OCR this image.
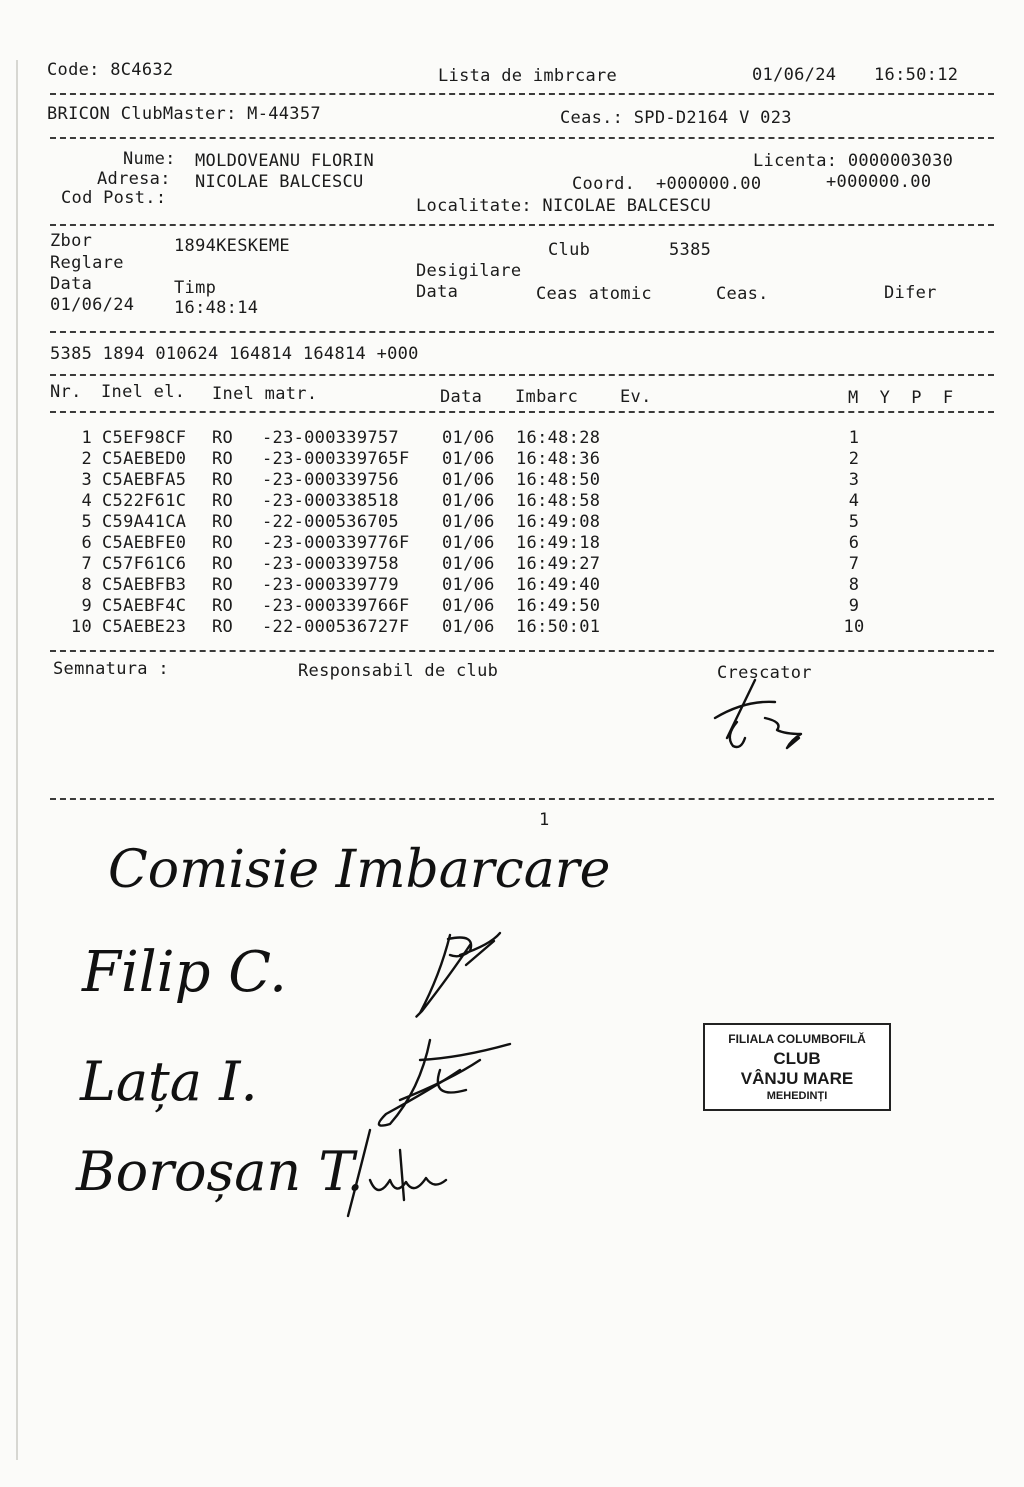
Code: 8C4632	Lista de imbrcare	01/06/24 16:50:12
BRICON ClubMaster: M-44357	Ceas.: SPD-D2164 V 023
Nume: MOLDOVEANU FLORIN	Licenta: 0000003030
Adresa: NICOLAE BALCESCU	Coord. +000000.00	+000000.00
Cod Post.:	Localitate: NICOLAE BALCESCU
Zbor	1894KESKEME	Club	5385
Reglare	Desigilare
Data	Timp	Data	Ceas atomic	Ceas.	Difer
01/06/24 16:48:14
5385 1894 010624 164814 164814 +000
Nr. Inel el. Inel matr.	Data Imbarc Ev.	M  Y  P  F
1 C5EF98CF RO -23-000339757	01/06 16:48:28	1
2 C5AEBED0 RO -23-000339765F 01/06 16:48:36	2
3 C5AEBFA5 RO -23-000339756	01/06 16:48:50	3
4 C522F61C RO -23-000338518	01/06 16:48:58	4
5 C59A41CA RO -22-000536705	01/06 16:49:08	5
6 C5AEBFE0 RO -23-000339776F 01/06 16:49:18	6
7 C57F61C6 RO -23-000339758	01/06 16:49:27	7
8 C5AEBFB3 RO -23-000339779	01/06 16:49:40	8
9 C5AEBF4C RO -23-000339766F 01/06 16:49:50	9
10 C5AEBE23 RO -22-000536727F 01/06 16:50:01	10
Semnatura :	Responsabil de club	Crescator
1
Comisie Imbarcare
Filip C.
Lața I.
Boroșan T.
FILIALA COLUMBOFILĂ
CLUB
VÂNJU MARE
MEHEDINȚI
